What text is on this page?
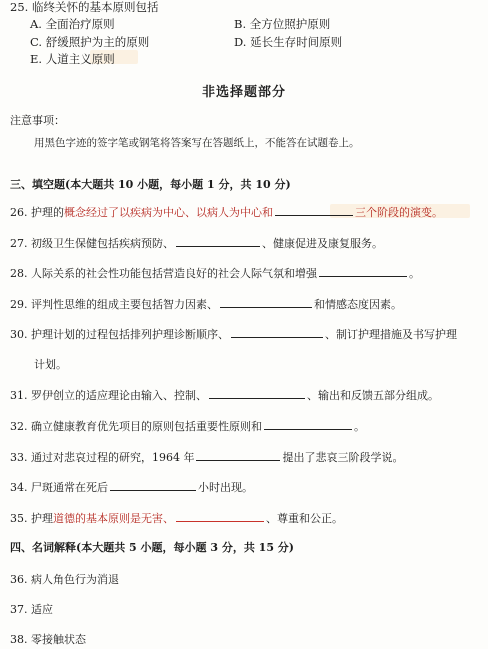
25. 临终关怀的基本原则包括
A. 全面治疗原则	B. 全方位照护原则
C. 舒缓照护为主的原则	D. 延长生存时间原则
E. 人道主义原则
非选择题部分
注意事项：
用黑色字迹的签字笔或钢笔将答案写在答题纸上，不能答在试题卷上。
三、填空题(本大题共 10 小题，每小题 1 分，共 10 分)
26. 护理的概念经过了以疾病为中心、以病人为中心和	三个阶段的演变。
27. 初级卫生保健包括疾病预防、	、健康促进及康复服务。
28. 人际关系的社会性功能包括营造良好的社会人际气氛和增强	。
29. 评判性思维的组成主要包括智力因素、	和情感态度因素。
30. 护理计划的过程包括排列护理诊断顺序、	、制订护理措施及书写护理
计划。
31. 罗伊创立的适应理论由输入、控制、	、输出和反馈五部分组成。
32. 确立健康教育优先项目的原则包括重要性原则和	。
33. 通过对悲哀过程的研究，1964 年	提出了悲哀三阶段学说。
34. 尸斑通常在死后	小时出现。
35. 护理道德的基本原则是无害、	、尊重和公正。
四、名词解释(本大题共 5 小题，每小题 3 分，共 15 分)
36. 病人角色行为消退
37. 适应
38. 零接触状态
